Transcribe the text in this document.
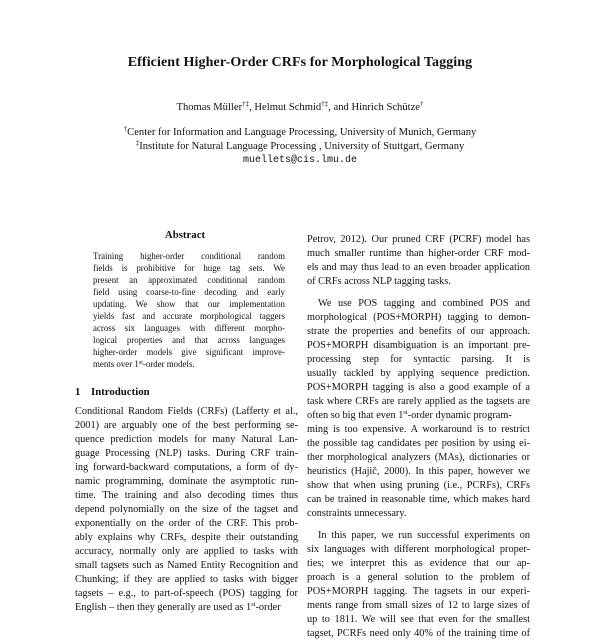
Efficient Higher-Order CRFs for Morphological Tagging
Thomas Müller†‡, Helmut Schmid†‡, and Hinrich Schütze†
†Center for Information and Language Processing, University of Munich, Germany
‡Institute for Natural Language Processing , University of Stuttgart, Germany
muellets@cis.lmu.de
Abstract
Training higher-order conditional random
fields is prohibitive for huge tag sets. We
present an approximated conditional random
field using coarse-to-fine decoding and early
updating. We show that our implementation
yields fast and accurate morphological taggers
across six languages with different morpho-
logical properties and that across languages
higher-order models give significant improve-
ments over 1st-order models.
1 Introduction
Conditional Random Fields (CRFs) (Lafferty et al.,
2001) are arguably one of the best performing se-
quence prediction models for many Natural Lan-
guage Processing (NLP) tasks. During CRF train-
ing forward-backward computations, a form of dy-
namic programming, dominate the asymptotic run-
time. The training and also decoding times thus
depend polynomially on the size of the tagset and
exponentially on the order of the CRF. This prob-
ably explains why CRFs, despite their outstanding
accuracy, normally only are applied to tasks with
small tagsets such as Named Entity Recognition and
Chunking; if they are applied to tasks with bigger
tagsets – e.g., to part-of-speech (POS) tagging for
English – then they generally are used as 1st-order
Petrov, 2012). Our pruned CRF (PCRF) model has
much smaller runtime than higher-order CRF mod-
els and may thus lead to an even broader application
of CRFs across NLP tagging tasks.
We use POS tagging and combined POS and
morphological (POS+MORPH) tagging to demon-
strate the properties and benefits of our approach.
POS+MORPH disambiguation is an important pre-
processing step for syntactic parsing. It is
usually tackled by applying sequence prediction.
POS+MORPH tagging is also a good example of a
task where CRFs are rarely applied as the tagsets are
often so big that even 1st-order dynamic program-
ming is too expensive. A workaround is to restrict
the possible tag candidates per position by using ei-
ther morphological analyzers (MAs), dictionaries or
heuristics (Hajič, 2000). In this paper, however we
show that when using pruning (i.e., PCRFs), CRFs
can be trained in reasonable time, which makes hard
constraints unnecessary.
In this paper, we run successful experiments on
six languages with different morphological proper-
ties; we interpret this as evidence that our ap-
proach is a general solution to the problem of
POS+MORPH tagging. The tagsets in our experi-
ments range from small sizes of 12 to large sizes of
up to 1811. We will see that even for the smallest
tagset, PCRFs need only 40% of the training time of
